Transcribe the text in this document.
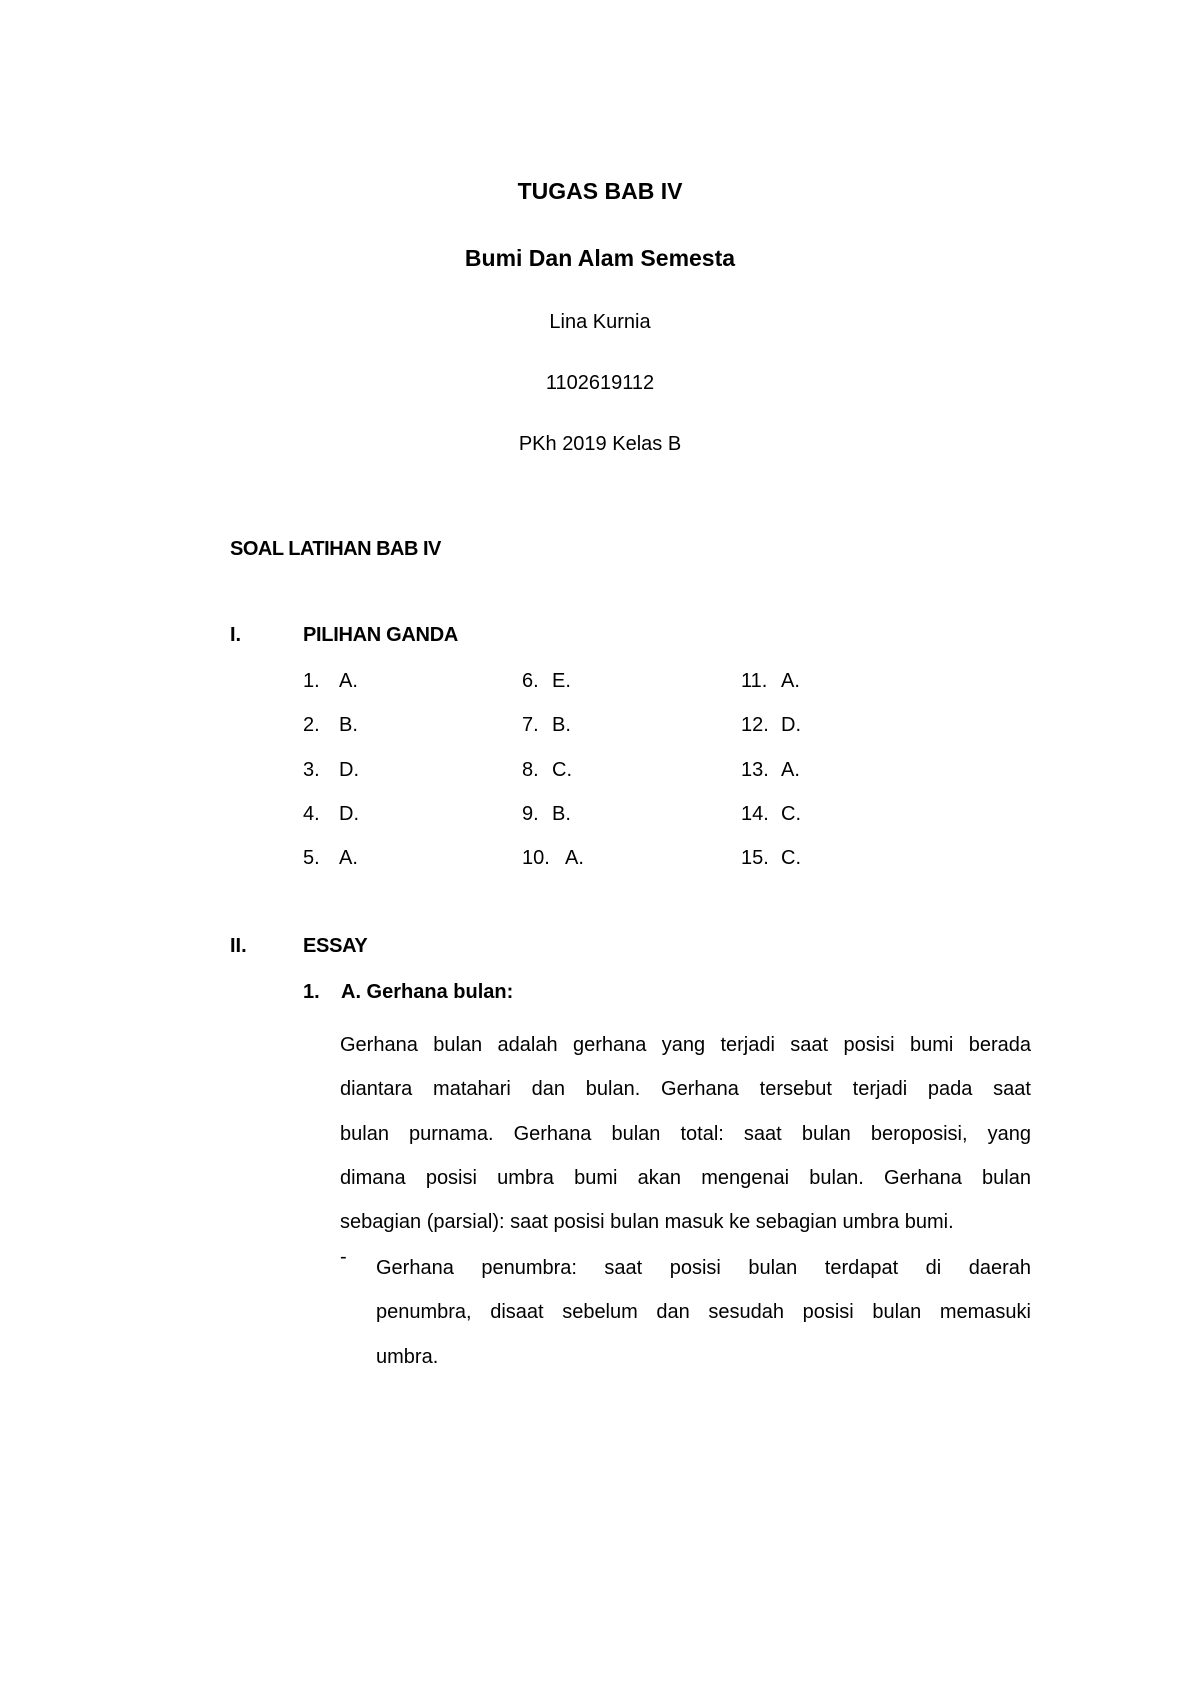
TUGAS BAB IV
Bumi Dan Alam Semesta
Lina Kurnia
1102619112
PKh 2019 Kelas B
SOAL LATIHAN BAB IV
I.	PILIHAN GANDA
1. A.
2. B.
3. D.
4. D.
5. A.
6. E.
7. B.
8. C.
9. B.
10. A.
11. A.
12. D.
13. A.
14. C.
15. C.
II.	ESSAY
1. A. Gerhana bulan:
Gerhana bulan adalah gerhana yang terjadi saat posisi bumi berada
diantara matahari dan bulan. Gerhana tersebut terjadi pada saat
bulan purnama. Gerhana bulan total: saat bulan beroposisi, yang
dimana posisi umbra bumi akan mengenai bulan. Gerhana bulan
sebagian (parsial): saat posisi bulan masuk ke sebagian umbra bumi.
- Gerhana penumbra: saat posisi bulan terdapat di daerah
penumbra, disaat sebelum dan sesudah posisi bulan memasuki
umbra.
